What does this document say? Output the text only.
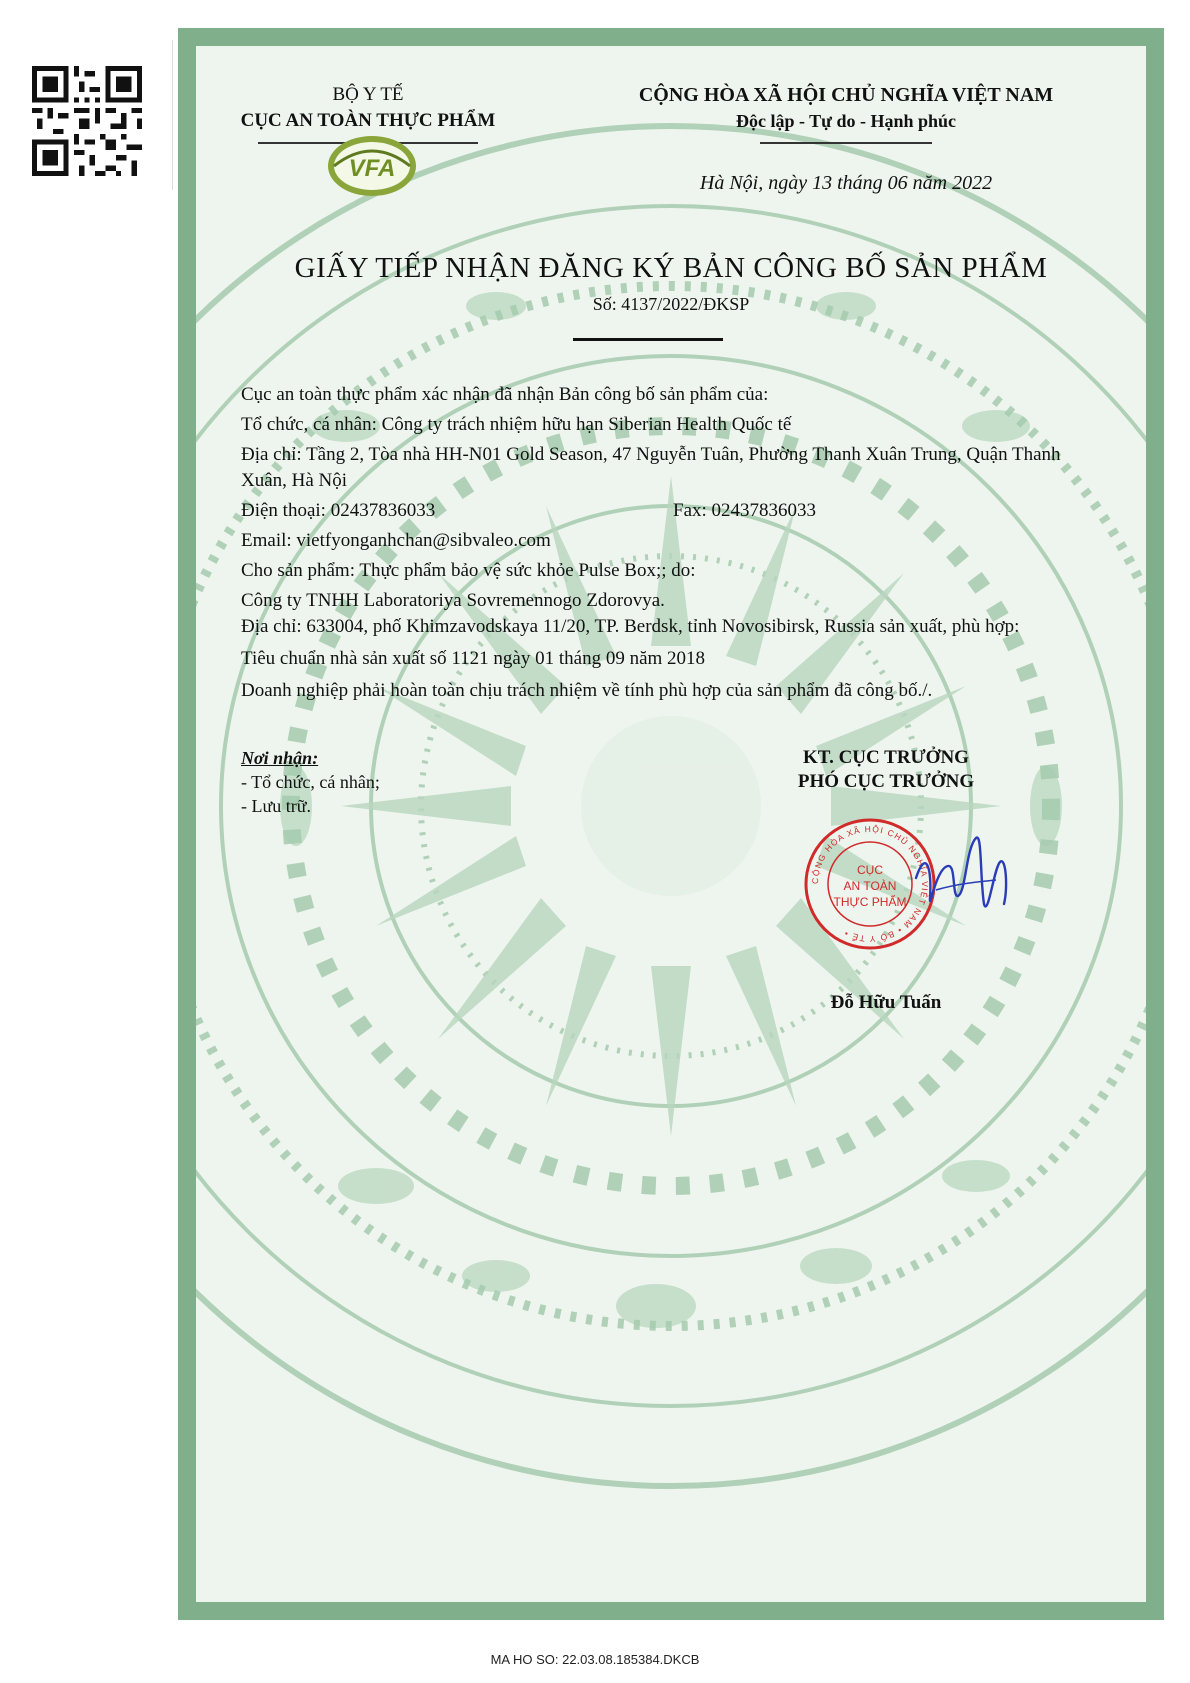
BỘ Y TẾ
CỤC AN TOÀN THỰC PHẨM
VFA
CỘNG HÒA XÃ HỘI CHỦ NGHĨA VIỆT NAM
Độc lập - Tự do - Hạnh phúc
Hà Nội, ngày 13 tháng 06 năm 2022
GIẤY TIẾP NHẬN ĐĂNG KÝ BẢN CÔNG BỐ SẢN PHẨM
Số: 4137/2022/ĐKSP

Cục an toàn thực phẩm xác nhận đã nhận Bản công bố sản phẩm của:

Tổ chức, cá nhân: Công ty trách nhiệm hữu hạn Siberian Health Quốc tế

Địa chỉ: Tầng 2, Tòa nhà HH-N01 Gold Season, 47 Nguyễn Tuân, Phường Thanh Xuân Trung, Quận Thanh Xuân, Hà Nội

Điện thoại: 02437836033	Fax: 02437836033

Email: vietfyonganhchan@sibvaleo.com

Cho sản phẩm: Thực phẩm bảo vệ sức khỏe Pulse Box;; do:

Công ty TNHH Laboratoriya Sovremennogo Zdorovya.

Địa chỉ: 633004, phố Khimzavodskaya 11/20, TP. Berdsk, tỉnh Novosibirsk, Russia sản xuất, phù hợp:

Tiêu chuẩn nhà sản xuất số 1121 ngày 01 tháng 09 năm 2018

Doanh nghiệp phải hoàn toàn chịu trách nhiệm về tính phù hợp của sản phẩm đã công bố./.

Nơi nhận:
- Tổ chức, cá nhân;
- Lưu trữ.
KT. CỤC TRƯỞNG
PHÓ CỤC TRƯỞNG
CỘNG HÒA XÃ HỘI CHỦ NGHĨA VIỆT NAM • BỘ Y TẾ •
CỤC
AN TOÀN
THỰC PHẨM
Đỗ Hữu Tuấn
MA HO SO: 22.03.08.185384.DKCB
